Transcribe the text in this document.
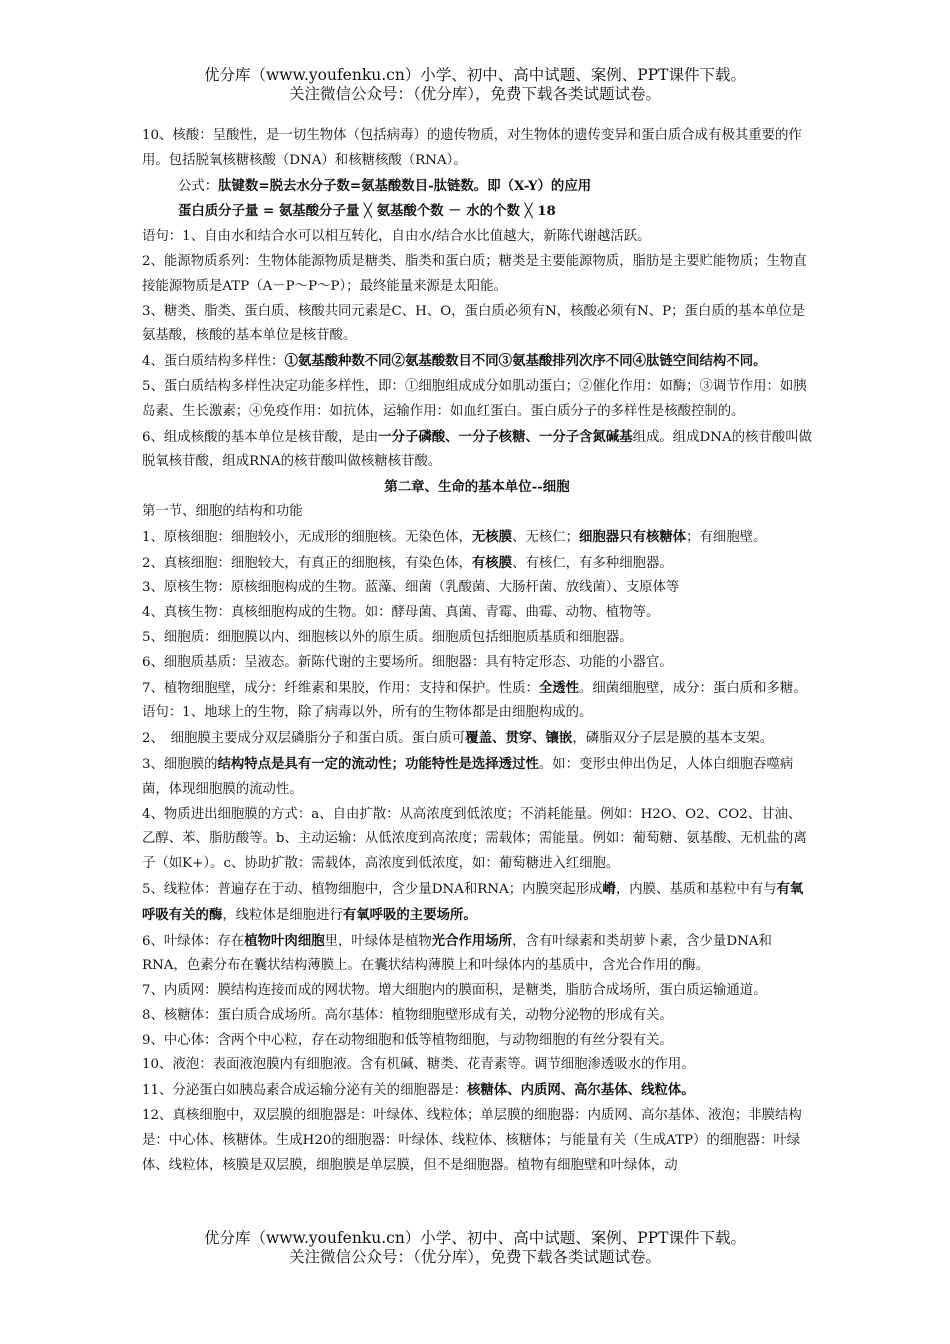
优分库（www.youfenku.cn）小学、初中、高中试题、案例、PPT课件下载。
关注微信公众号：（优分库），免费下载各类试题试卷。

10、核酸：呈酸性，是一切生物体（包括病毒）的遗传物质，对生物体的遗传变异和蛋白质合成有极其重要的作用。包括脱氧核糖核酸（DNA）和核糖核酸（RNA）。

公式：肽键数=脱去水分子数=氨基酸数目-肽链数。即（X-Y）的应用

蛋白质分子量 = 氨基酸分子量 ╳ 氨基酸个数 － 水的个数 ╳ 18

语句：1、自由水和结合水可以相互转化，自由水/结合水比值越大，新陈代谢越活跃。

2、能源物质系列：生物体能源物质是糖类、脂类和蛋白质；糖类是主要能源物质，脂肪是主要贮能物质；生物直接能源物质是ATP（A－P～P～P）；最终能量来源是太阳能。

3、糖类、脂类、蛋白质、核酸共同元素是C、H、O，蛋白质必须有N，核酸必须有N、P；蛋白质的基本单位是氨基酸，核酸的基本单位是核苷酸。

4、蛋白质结构多样性：①氨基酸种数不同②氨基酸数目不同③氨基酸排列次序不同④肽链空间结构不同。

5、蛋白质结构多样性决定功能多样性，即：①细胞组成成分如肌动蛋白；②催化作用：如酶；③调节作用：如胰岛素、生长激素；④免疫作用：如抗体，运输作用：如血红蛋白。蛋白质分子的多样性是核酸控制的。

6、组成核酸的基本单位是核苷酸，是由一分子磷酸、一分子核糖、一分子含氮碱基组成。组成DNA的核苷酸叫做脱氧核苷酸，组成RNA的核苷酸叫做核糖核苷酸。

第二章、生命的基本单位--细胞

第一节、细胞的结构和功能

1、原核细胞：细胞较小，无成形的细胞核。无染色体，无核膜、无核仁；细胞器只有核糖体；有细胞壁。

2、真核细胞：细胞较大，有真正的细胞核，有染色体，有核膜、有核仁，有多种细胞器。

3、原核生物：原核细胞构成的生物。蓝藻、细菌（乳酸菌、大肠杆菌、放线菌）、支原体等

4、真核生物：真核细胞构成的生物。如：酵母菌、真菌、青霉、曲霉、动物、植物等。

5、细胞质：细胞膜以内、细胞核以外的原生质。细胞质包括细胞质基质和细胞器。

6、细胞质基质：呈液态。新陈代谢的主要场所。细胞器：具有特定形态、功能的小器官。

7、植物细胞壁，成分：纤维素和果胶，作用：支持和保护。性质：全透性。细菌细胞壁，成分：蛋白质和多糖。

语句：1、地球上的生物，除了病毒以外，所有的生物体都是由细胞构成的。

2、　细胞膜主要成分双层磷脂分子和蛋白质。蛋白质可覆盖、贯穿、镶嵌，磷脂双分子层是膜的基本支架。

3、细胞膜的结构特点是具有一定的流动性；功能特性是选择透过性。如：变形虫伸出伪足，人体白细胞吞噬病菌，体现细胞膜的流动性。

4、物质进出细胞膜的方式：a、自由扩散：从高浓度到低浓度；不消耗能量。例如：H2O、O2、CO2、甘油、乙醇、苯、脂肪酸等。b、主动运输：从低浓度到高浓度；需载体；需能量。例如：葡萄糖、氨基酸、无机盐的离子（如K+）。c、协助扩散：需载体，高浓度到低浓度，如：葡萄糖进入红细胞。

5、线粒体：普遍存在于动、植物细胞中，含少量DNA和RNA；内膜突起形成嵴，内膜、基质和基粒中有与有氧呼吸有关的酶，线粒体是细胞进行有氧呼吸的主要场所。

6、叶绿体：存在植物叶肉细胞里，叶绿体是植物光合作用场所，含有叶绿素和类胡萝卜素，含少量DNA和RNA，色素分布在囊状结构薄膜上。在囊状结构薄膜上和叶绿体内的基质中，含光合作用的酶。

7、内质网：膜结构连接而成的网状物。增大细胞内的膜面积，是糖类，脂肪合成场所，蛋白质运输通道。

8、核糖体：蛋白质合成场所。高尔基体：植物细胞壁形成有关，动物分泌物的形成有关。

9、中心体：含两个中心粒，存在动物细胞和低等植物细胞，与动物细胞的有丝分裂有关。

10、液泡：表面液泡膜内有细胞液。含有机碱、糖类、花青素等。调节细胞渗透吸水的作用。

11、分泌蛋白如胰岛素合成运输分泌有关的细胞器是：核糖体、内质网、高尔基体、线粒体。

12、真核细胞中，双层膜的细胞器是：叶绿体、线粒体；单层膜的细胞器：内质网、高尔基体、液泡；非膜结构是：中心体、核糖体。生成H20的细胞器：叶绿体、线粒体、核糖体；与能量有关（生成ATP）的细胞器：叶绿体、线粒体，核膜是双层膜，细胞膜是单层膜，但不是细胞器。植物有细胞壁和叶绿体，动

优分库（www.youfenku.cn）小学、初中、高中试题、案例、PPT课件下载。
关注微信公众号：（优分库），免费下载各类试题试卷。
